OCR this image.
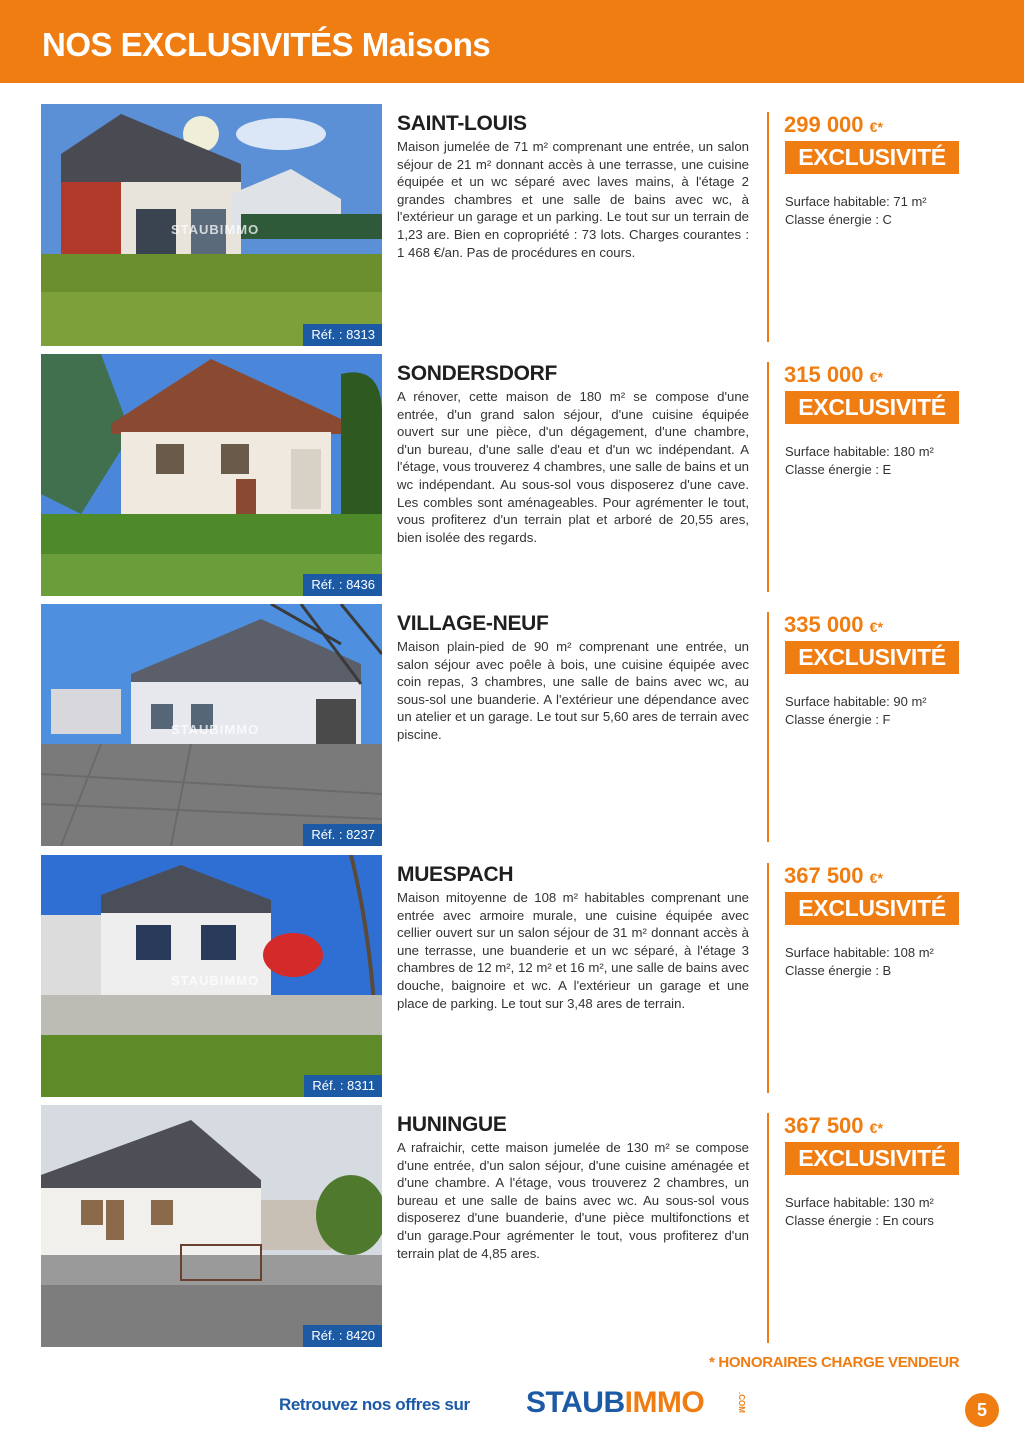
NOS EXCLUSIVITÉS Maisons
STAUBIMMO
Réf. : 8313
SAINT-LOUIS
Maison jumelée de 71 m² comprenant une entrée, un salon séjour de 21 m² donnant accès à une terrasse, une cuisine équipée et un wc séparé avec laves mains, à l'étage 2 grandes chambres et une salle de bains avec wc, à l'extérieur un garage et un parking. Le tout sur un terrain de 1,23 are. Bien en copropriété : 73 lots. Charges courantes : 1 468 €/an. Pas de procédures en cours.
299 000 €*
EXCLUSIVITÉ
Surface habitable: 71 m²
Classe énergie : C
Réf. : 8436
SONDERSDORF
A rénover, cette maison de 180 m² se compose d'une entrée, d'un grand salon séjour, d'une cuisine équipée ouvert sur une pièce, d'un dégagement, d'une chambre, d'un bureau, d'une salle d'eau et d'un wc indépendant. A l'étage, vous trouverez 4 chambres, une salle de bains et un wc indépendant. Au sous-sol vous disposerez d'une cave. Les combles sont aménageables. Pour agrémenter le tout, vous profiterez d'un terrain plat et arboré de 20,55 ares, bien isolée des regards.
315 000 €*
EXCLUSIVITÉ
Surface habitable: 180 m²
Classe énergie : E
STAUBIMMO
Réf. : 8237
VILLAGE-NEUF
Maison plain-pied de 90 m² comprenant une entrée, un salon séjour avec poêle à bois, une cuisine équipée avec coin repas, 3 chambres, une salle de bains avec wc, au sous-sol une buanderie. A l'extérieur une dépendance avec un atelier et un garage. Le tout sur 5,60 ares de terrain avec piscine.
335 000 €*
EXCLUSIVITÉ
Surface habitable: 90 m²
Classe énergie : F
STAUBIMMO
Réf. : 8311
MUESPACH
Maison mitoyenne de 108 m² habitables comprenant une entrée avec armoire murale, une cuisine équipée avec cellier ouvert sur un salon séjour de 31 m² donnant accès à une terrasse, une buanderie et un wc séparé, à l'étage 3 chambres de 12 m², 12 m² et 16 m², une salle de bains avec douche, baignoire et wc. A l'extérieur un garage et une place de parking. Le tout sur 3,48 ares de terrain.
367 500 €*
EXCLUSIVITÉ
Surface habitable: 108 m²
Classe énergie : B
Réf. : 8420
HUNINGUE
A rafraichir, cette maison jumelée de 130 m² se compose d'une entrée, d'un salon séjour, d'une cuisine aménagée et d'une chambre. A l'étage, vous trouverez 2 chambres, un bureau et une salle de bains avec wc. Au sous-sol vous disposerez d'une buanderie, d'une pièce multifonctions et d'un garage.Pour agrémenter le tout, vous profiterez d'un terrain plat de 4,85 ares.
367 500 €*
EXCLUSIVITÉ
Surface habitable: 130 m²
Classe énergie : En cours
* HONORAIRES CHARGE VENDEUR
Retrouvez nos offres sur STAUBIMMO	.COM	5
